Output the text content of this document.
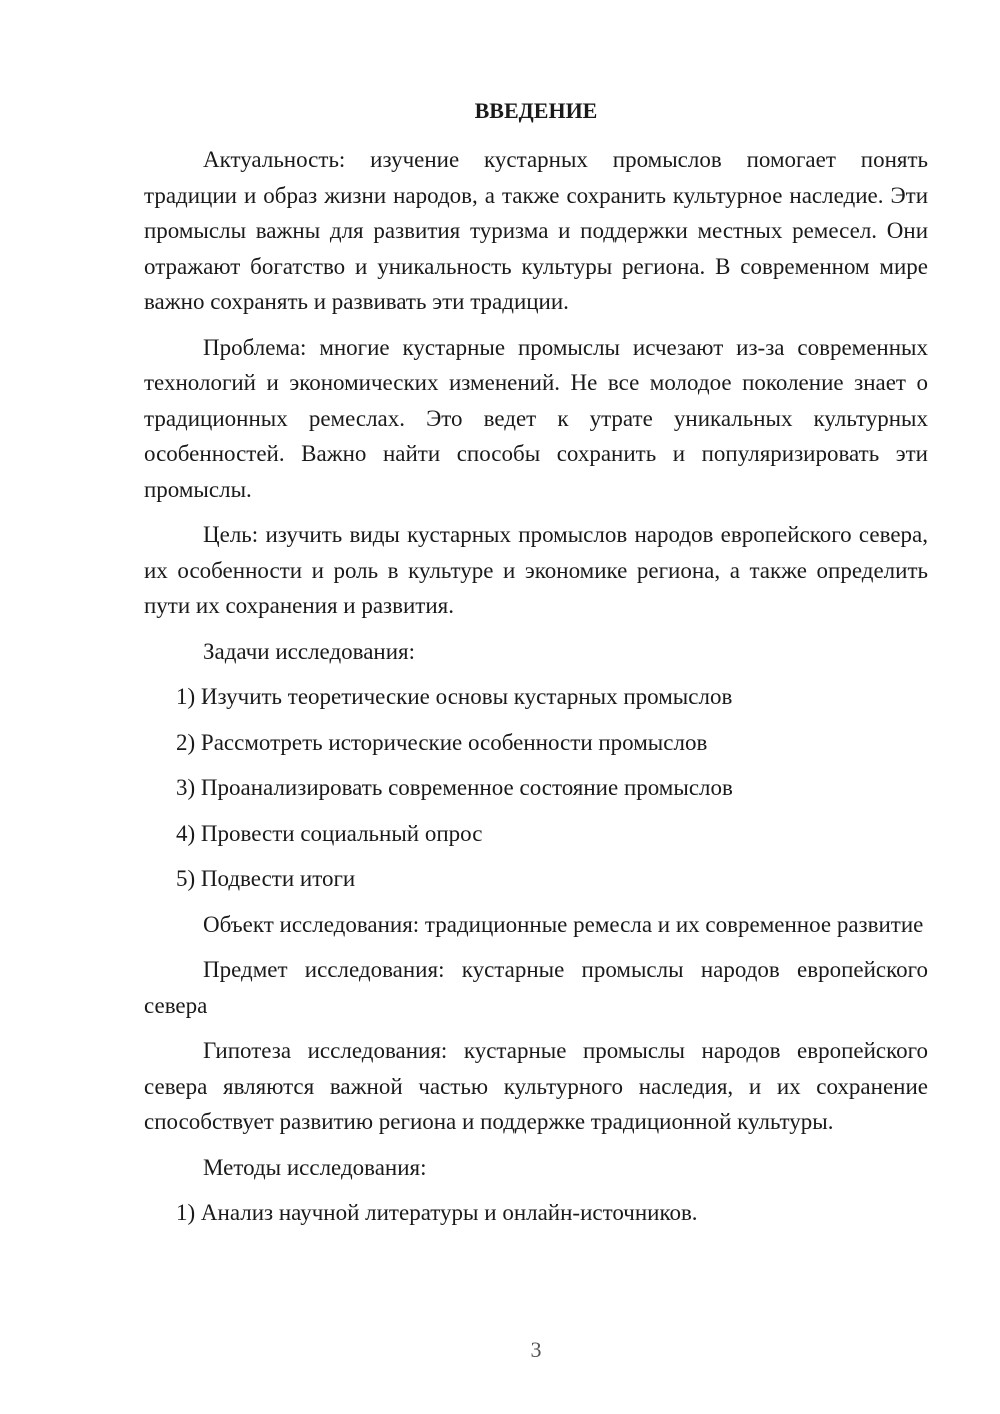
ВВЕДЕНИЕ

Актуальность: изучение кустарных промыслов помогает понять традиции и образ жизни народов, а также сохранить культурное наследие. Эти промыслы важны для развития туризма и поддержки местных ремесел. Они отражают богатство и уникальность культуры региона. В современном мире важно сохранять и развивать эти традиции.

Проблема: многие кустарные промыслы исчезают из-за современных технологий и экономических изменений. Не все молодое поколение знает о традиционных ремеслах. Это ведет к утрате уникальных культурных особенностей. Важно найти способы сохранить и популяризировать эти промыслы.

Цель: изучить виды кустарных промыслов народов европейского севера, их особенности и роль в культуре и экономике региона, а также определить пути их сохранения и развития.

Задачи исследования:

1) Изучить теоретические основы кустарных промыслов

2) Рассмотреть исторические особенности промыслов

3) Проанализировать современное состояние промыслов

4) Провести социальный опрос

5) Подвести итоги

Объект исследования: традиционные ремесла и их современное развитие

Предмет исследования: кустарные промыслы народов европейского севера

Гипотеза исследования: кустарные промыслы народов европейского севера являются важной частью культурного наследия, и их сохранение способствует развитию региона и поддержке традиционной культуры.

Методы исследования:

1) Анализ научной литературы и онлайн-источников.

3
